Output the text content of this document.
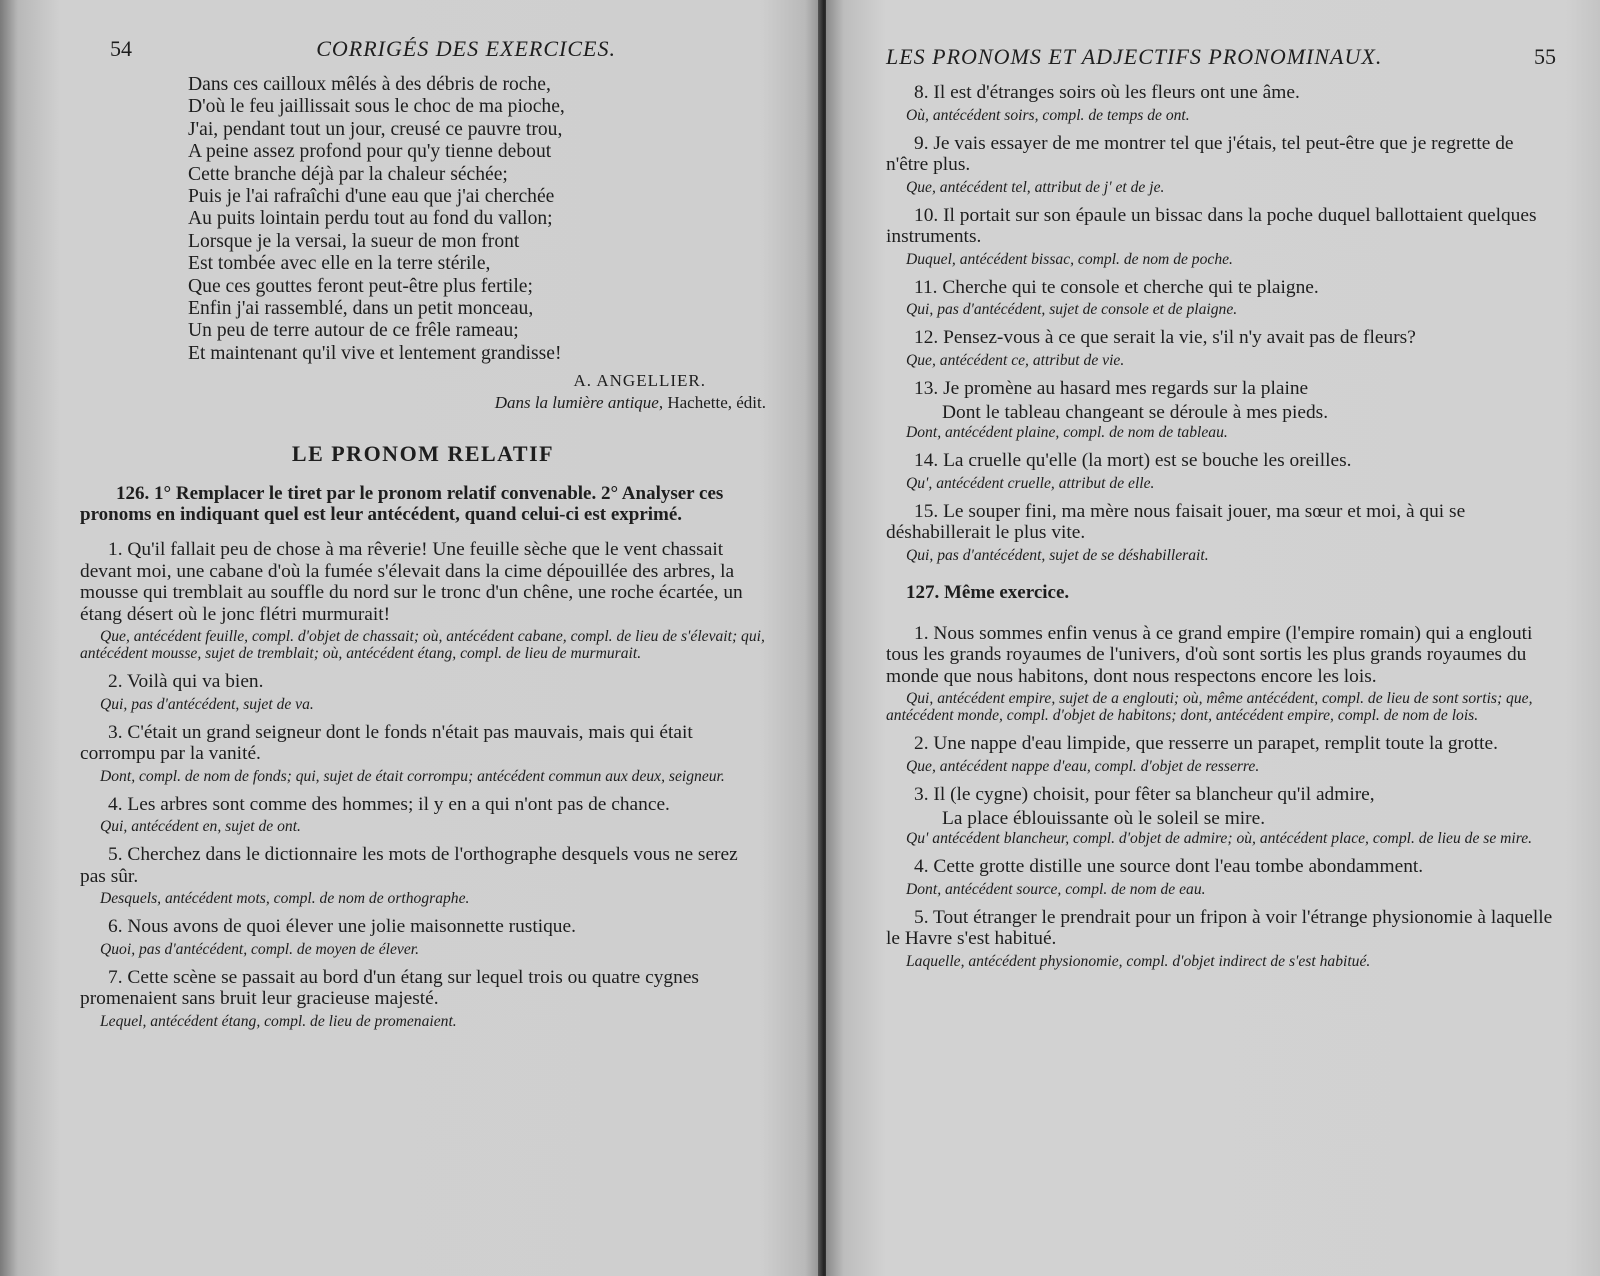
54	CORRIGÉS DES EXERCICES.
Dans ces cailloux mêlés à des débris de roche,
D'où le feu jaillissait sous le choc de ma pioche,
J'ai, pendant tout un jour, creusé ce pauvre trou,
A peine assez profond pour qu'y tienne debout
Cette branche déjà par la chaleur séchée;
Puis je l'ai rafraîchi d'une eau que j'ai cherchée
Au puits lointain perdu tout au fond du vallon;
Lorsque je la versai, la sueur de mon front
Est tombée avec elle en la terre stérile,
Que ces gouttes feront peut-être plus fertile;
Enfin j'ai rassemblé, dans un petit monceau,
Un peu de terre autour de ce frêle rameau;
Et maintenant qu'il vive et lentement grandisse!
A. ANGELLIER.
Dans la lumière antique, Hachette, édit.
LE PRONOM RELATIF
126. 1° Remplacer le tiret par le pronom relatif convenable. 2° Analyser ces pronoms en indiquant quel est leur antécédent, quand celui-ci est exprimé.
1. Qu'il fallait peu de chose à ma rêverie! Une feuille sèche que le vent chassait devant moi, une cabane d'où la fumée s'élevait dans la cime dépouillée des arbres, la mousse qui tremblait au souffle du nord sur le tronc d'un chêne, une roche écartée, un étang désert où le jonc flétri murmurait!
Que, antécédent feuille, compl. d'objet de chassait; où, antécédent cabane, compl. de lieu de s'élevait; qui, antécédent mousse, sujet de tremblait; où, antécédent étang, compl. de lieu de murmurait.
2. Voilà qui va bien.
Qui, pas d'antécédent, sujet de va.
3. C'était un grand seigneur dont le fonds n'était pas mauvais, mais qui était corrompu par la vanité.
Dont, compl. de nom de fonds; qui, sujet de était corrompu; antécédent commun aux deux, seigneur.
4. Les arbres sont comme des hommes; il y en a qui n'ont pas de chance.
Qui, antécédent en, sujet de ont.
5. Cherchez dans le dictionnaire les mots de l'orthographe desquels vous ne serez pas sûr.
Desquels, antécédent mots, compl. de nom de orthographe.
6. Nous avons de quoi élever une jolie maisonnette rustique.
Quoi, pas d'antécédent, compl. de moyen de élever.
7. Cette scène se passait au bord d'un étang sur lequel trois ou quatre cygnes promenaient sans bruit leur gracieuse majesté.
Lequel, antécédent étang, compl. de lieu de promenaient.
LES PRONOMS ET ADJECTIFS PRONOMINAUX.	55
8. Il est d'étranges soirs où les fleurs ont une âme.
Où, antécédent soirs, compl. de temps de ont.
9. Je vais essayer de me montrer tel que j'étais, tel peut-être que je regrette de n'être plus.
Que, antécédent tel, attribut de j' et de je.
10. Il portait sur son épaule un bissac dans la poche duquel ballottaient quelques instruments.
Duquel, antécédent bissac, compl. de nom de poche.
11. Cherche qui te console et cherche qui te plaigne.
Qui, pas d'antécédent, sujet de console et de plaigne.
12. Pensez-vous à ce que serait la vie, s'il n'y avait pas de fleurs?
Que, antécédent ce, attribut de vie.
13. Je promène au hasard mes regards sur la plaine
Dont le tableau changeant se déroule à mes pieds.
Dont, antécédent plaine, compl. de nom de tableau.
14. La cruelle qu'elle (la mort) est se bouche les oreilles.
Qu', antécédent cruelle, attribut de elle.
15. Le souper fini, ma mère nous faisait jouer, ma sœur et moi, à qui se déshabillerait le plus vite.
Qui, pas d'antécédent, sujet de se déshabillerait.
127. Même exercice.
1. Nous sommes enfin venus à ce grand empire (l'empire romain) qui a englouti tous les grands royaumes de l'univers, d'où sont sortis les plus grands royaumes du monde que nous habitons, dont nous respectons encore les lois.
Qui, antécédent empire, sujet de a englouti; où, même antécédent, compl. de lieu de sont sortis; que, antécédent monde, compl. d'objet de habitons; dont, antécédent empire, compl. de nom de lois.
2. Une nappe d'eau limpide, que resserre un parapet, remplit toute la grotte.
Que, antécédent nappe d'eau, compl. d'objet de resserre.
3. Il (le cygne) choisit, pour fêter sa blancheur qu'il admire,
La place éblouissante où le soleil se mire.
Qu' antécédent blancheur, compl. d'objet de admire; où, antécédent place, compl. de lieu de se mire.
4. Cette grotte distille une source dont l'eau tombe abondamment.
Dont, antécédent source, compl. de nom de eau.
5. Tout étranger le prendrait pour un fripon à voir l'étrange physionomie à laquelle le Havre s'est habitué.
Laquelle, antécédent physionomie, compl. d'objet indirect de s'est habitué.
